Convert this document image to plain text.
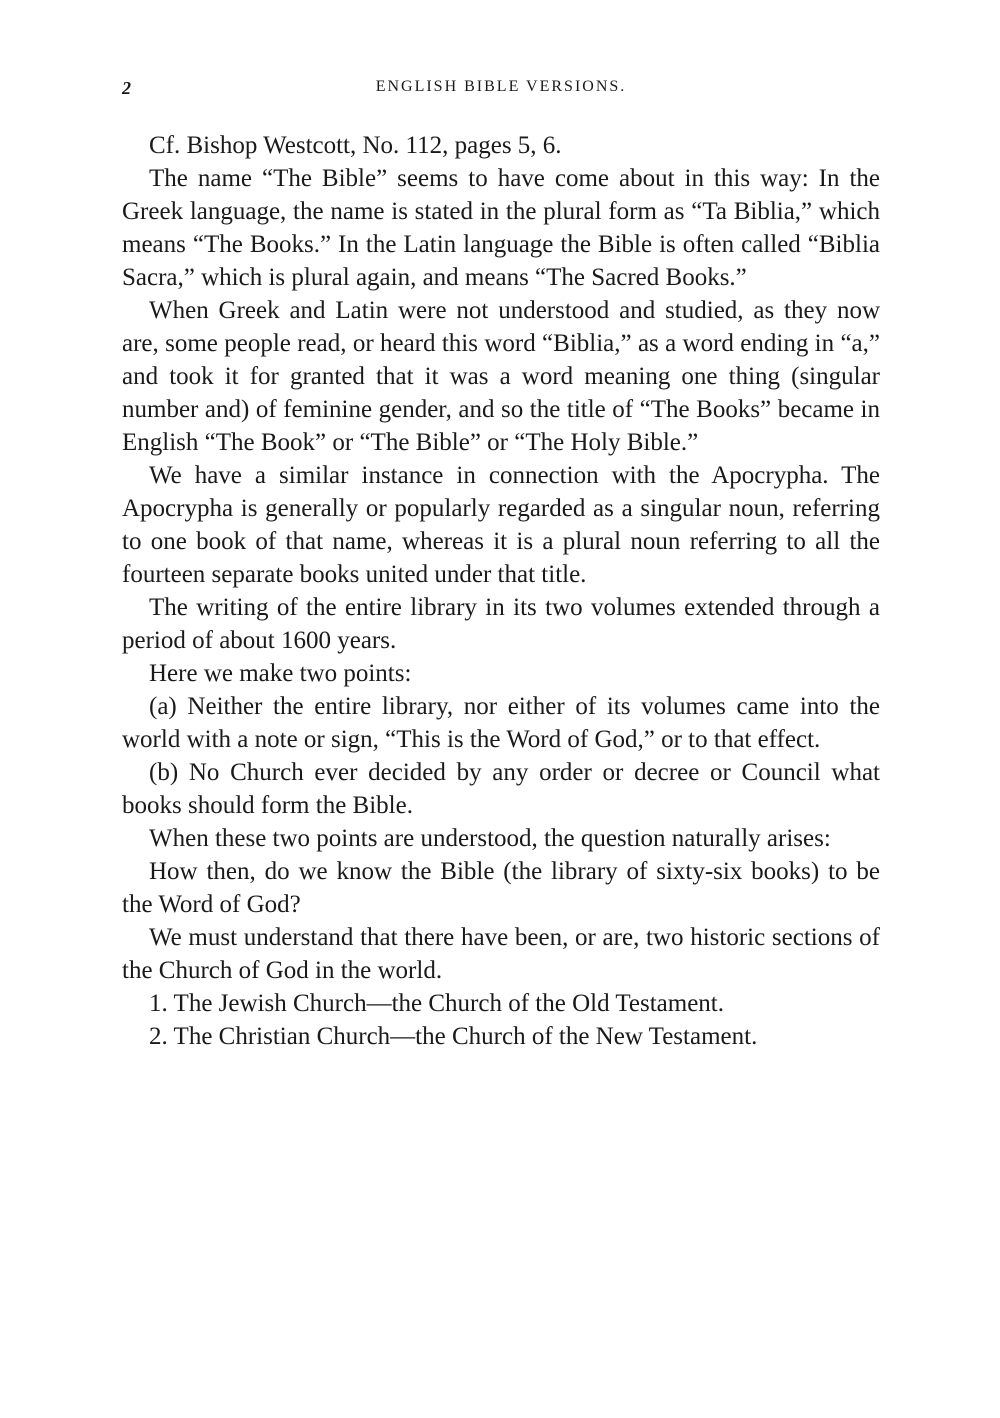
2	ENGLISH BIBLE VERSIONS.

Cf. Bishop Westcott, No. 112, pages 5, 6.

The name “The Bible” seems to have come about in this way: In the Greek language, the name is stated in the plural form as “Ta Biblia,” which means “The Books.” In the Latin language the Bible is often called “Biblia Sacra,” which is plural again, and means “The Sacred Books.”

When Greek and Latin were not understood and studied, as they now are, some people read, or heard this word “Biblia,” as a word ending in “a,” and took it for granted that it was a word meaning one thing (singular number and) of feminine gender, and so the title of “The Books” became in English “The Book” or “The Bible” or “The Holy Bible.”

We have a similar instance in connection with the Apocrypha. The Apocrypha is generally or popularly regarded as a singular noun, referring to one book of that name, whereas it is a plural noun referring to all the fourteen separate books united under that title.

The writing of the entire library in its two volumes extended through a period of about 1600 years.

Here we make two points:

(a) Neither the entire library, nor either of its volumes came into the world with a note or sign, “This is the Word of God,” or to that effect.

(b) No Church ever decided by any order or decree or Council what books should form the Bible.

When these two points are understood, the question naturally arises:

How then, do we know the Bible (the library of sixty-six books) to be the Word of God?

We must understand that there have been, or are, two historic sections of the Church of God in the world.

1. The Jewish Church—the Church of the Old Testament.

2. The Christian Church—the Church of the New Testament.
